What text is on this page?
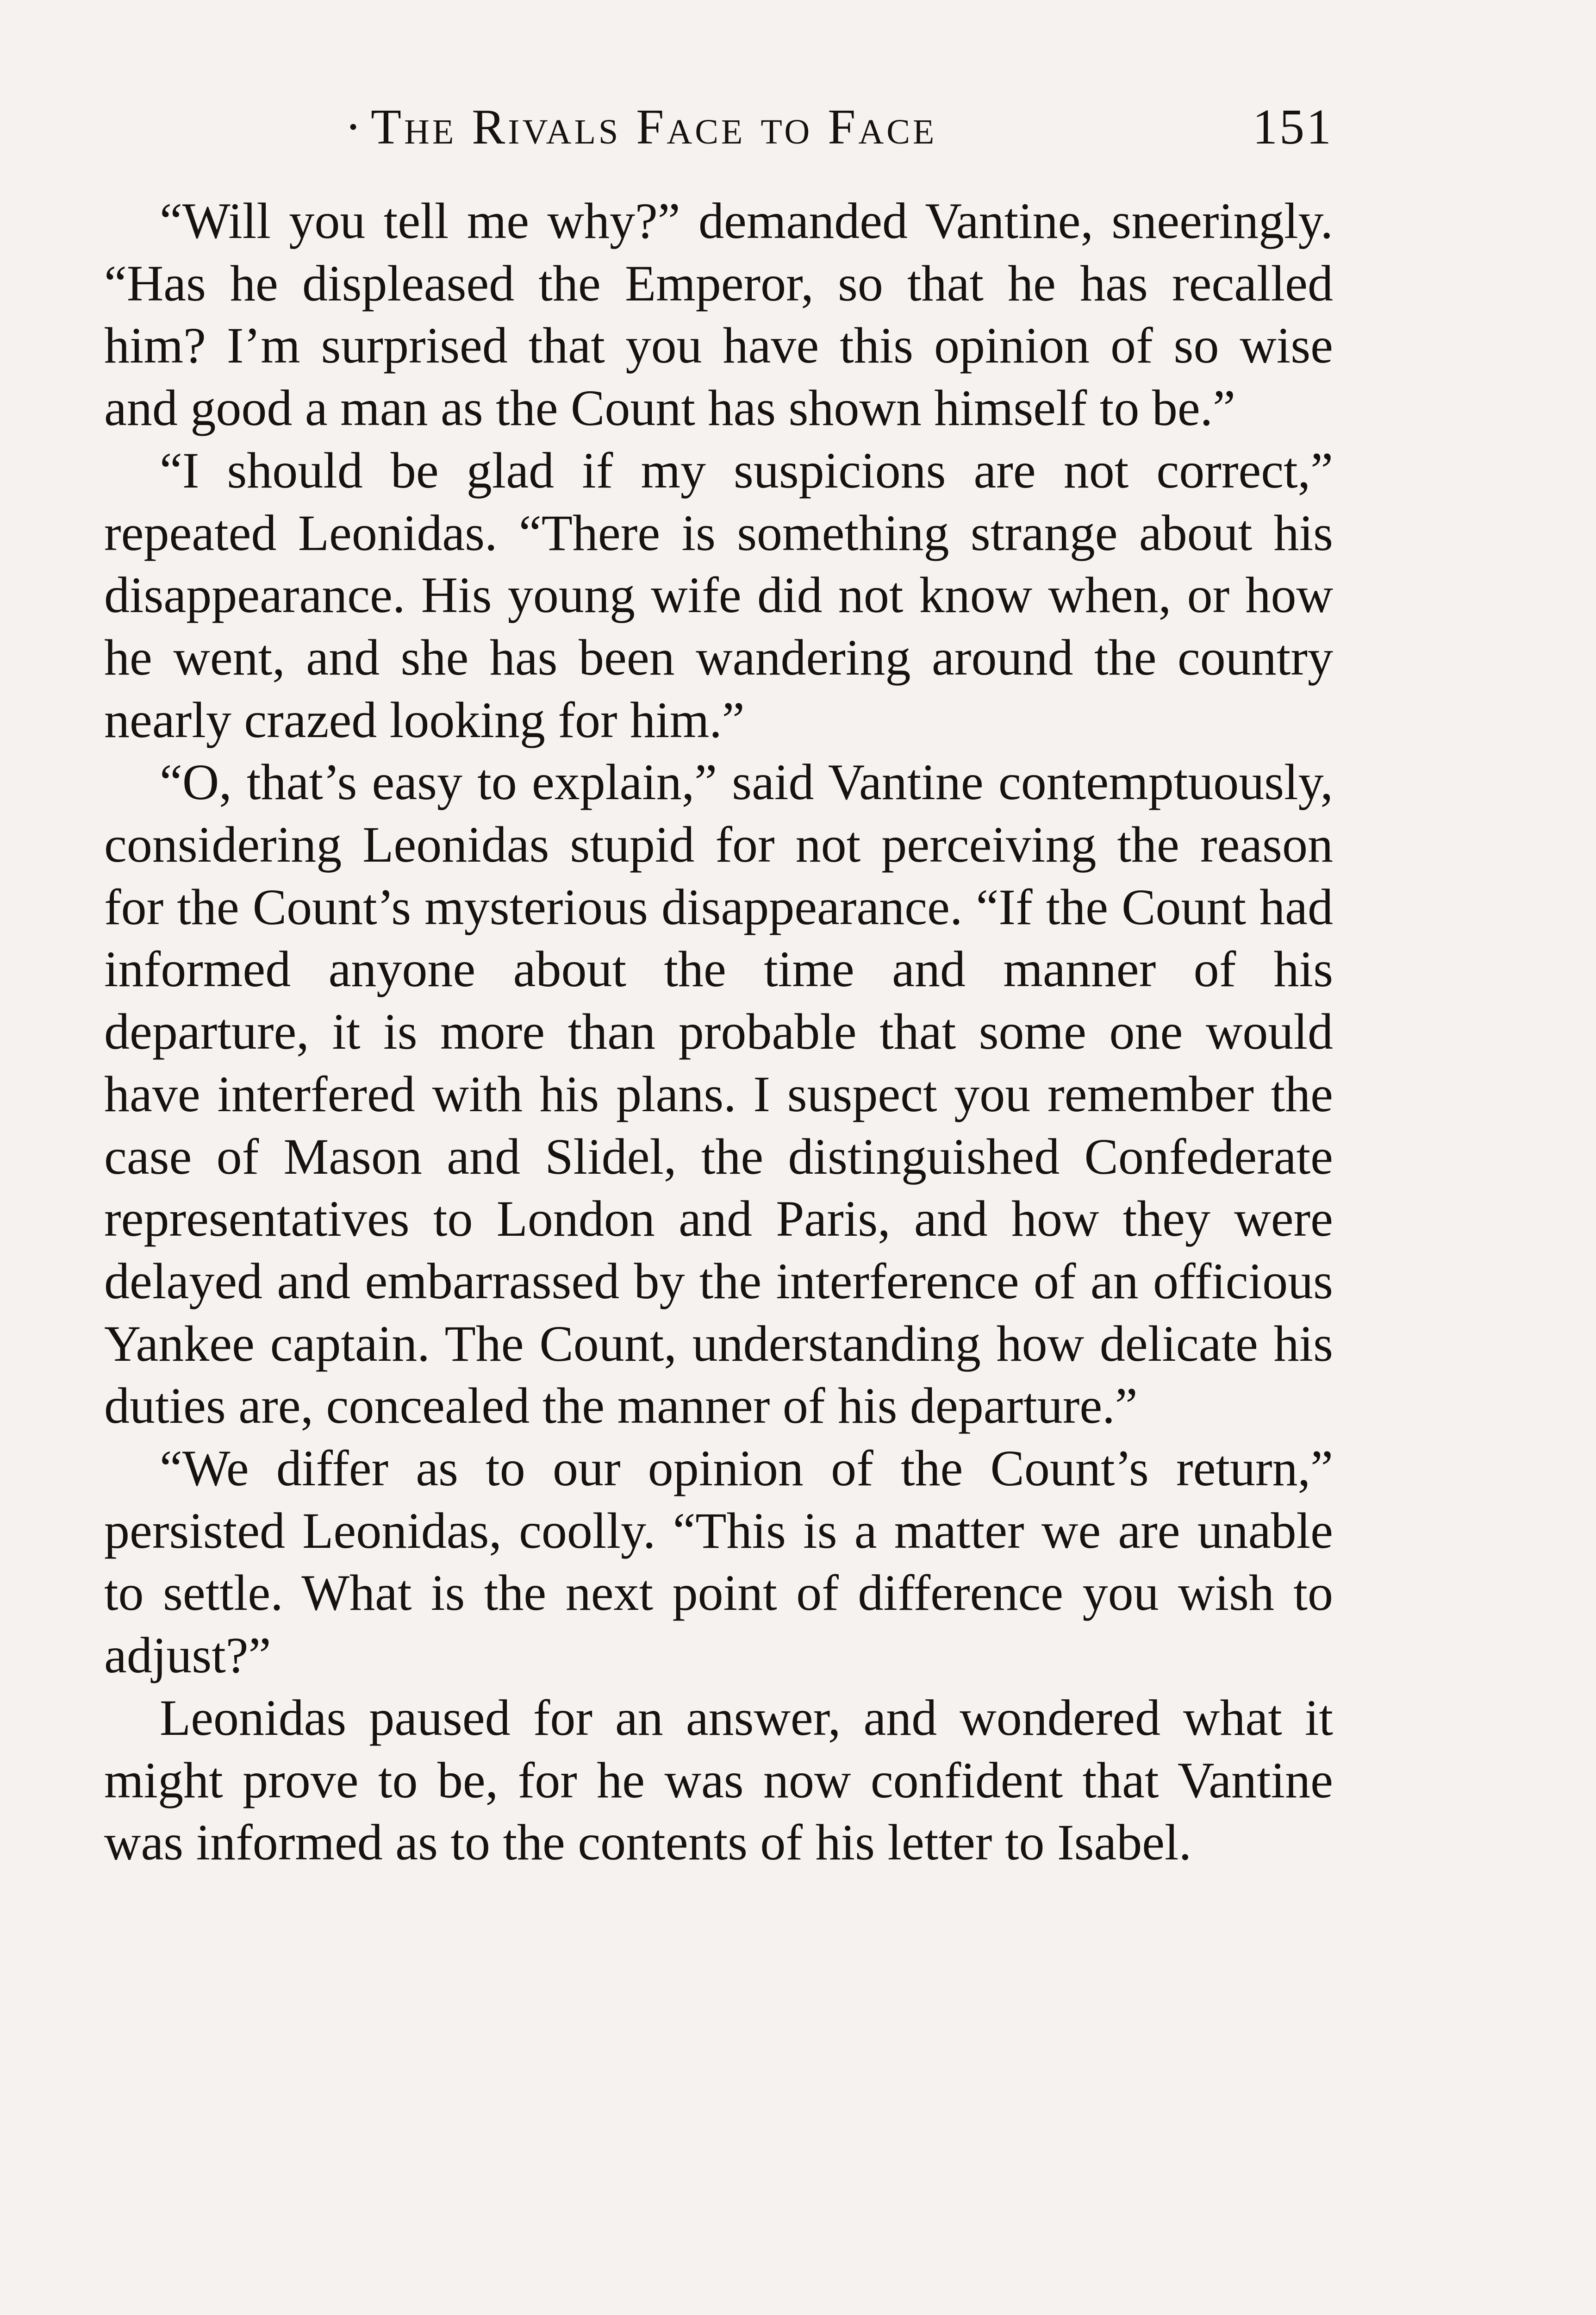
· The Rivals Face to Face	151

“Will you tell me why?” demanded Vantine, sneeringly. “Has he displeased the Emperor, so that he has recalled him? I’m surprised that you have this opinion of so wise and good a man as the Count has shown himself to be.”

“I should be glad if my suspicions are not correct,” repeated Leonidas. “There is something strange about his disappearance. His young wife did not know when, or how he went, and she has been wandering around the country nearly crazed looking for him.”

“O, that’s easy to explain,” said Vantine contemptuously, considering Leonidas stupid for not perceiving the reason for the Count’s mysterious disappearance. “If the Count had informed anyone about the time and manner of his departure, it is more than probable that some one would have interfered with his plans. I suspect you remember the case of Mason and Slidel, the distinguished Confederate representatives to London and Paris, and how they were delayed and embarrassed by the interference of an officious Yankee captain. The Count, understanding how delicate his duties are, concealed the manner of his departure.”

“We differ as to our opinion of the Count’s return,” persisted Leonidas, coolly. “This is a matter we are unable to settle. What is the next point of difference you wish to adjust?”

Leonidas paused for an answer, and wondered what it might prove to be, for he was now confident that Vantine was informed as to the contents of his letter to Isabel.
